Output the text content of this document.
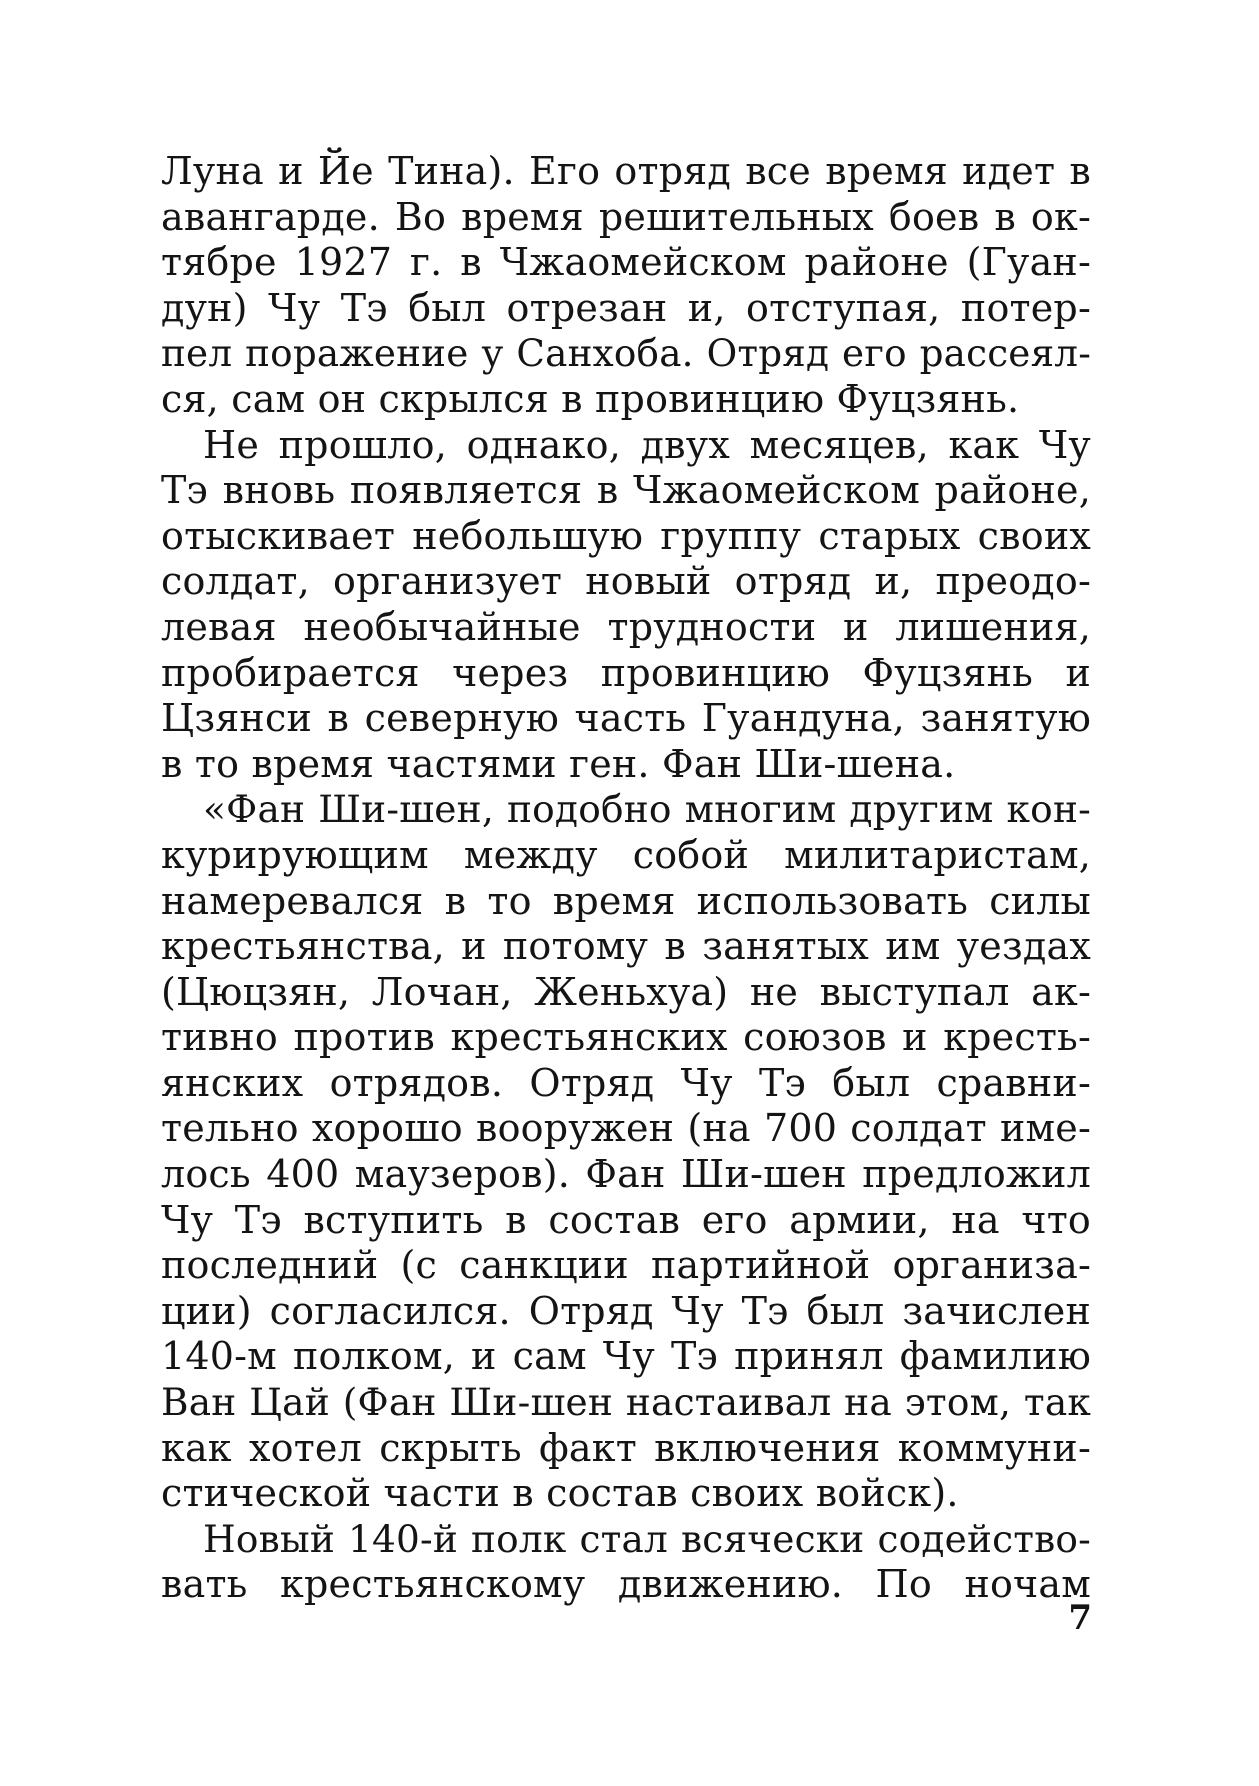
Луна и Йе Тина). Его отряд все время идет в
авангарде. Во время решительных боев в ок-
тябре 1927 г. в Чжаомейском районе (Гуан-
дун) Чу Тэ был отрезан и, отступая, потер-
пел поражение у Санхоба. Отряд его рассеял-
ся, сам он скрылся в провинцию Фуцзянь.
Не прошло, однако, двух месяцев, как Чу
Тэ вновь появляется в Чжаомейском районе,
отыскивает небольшую группу старых своих
солдат, организует новый отряд и, преодо-
левая необычайные трудности и лишения,
пробирается через провинцию Фуцзянь и
Цзянси в северную часть Гуандуна, занятую
в то время частями ген. Фан Ши-шена.
«Фан Ши-шен, подобно многим другим кон-
курирующим между собой милитаристам,
намеревался в то время использовать силы
крестьянства, и потому в занятых им уездах
(Цюцзян, Лочан, Женьхуа) не выступал ак-
тивно против крестьянских союзов и кресть-
янских отрядов. Отряд Чу Тэ был сравни-
тельно хорошо вооружен (на 700 солдат име-
лось 400 маузеров). Фан Ши-шен предложил
Чу Тэ вступить в состав его армии, на что
последний (с санкции партийной организа-
ции) согласился. Отряд Чу Тэ был зачислен
140-м полком, и сам Чу Тэ принял фамилию
Ван Цай (Фан Ши-шен настаивал на этом, так
как хотел скрыть факт включения коммуни-
стической части в состав своих войск).
Новый 140-й полк стал всячески содейство-
вать крестьянскому движению. По ночам
7
